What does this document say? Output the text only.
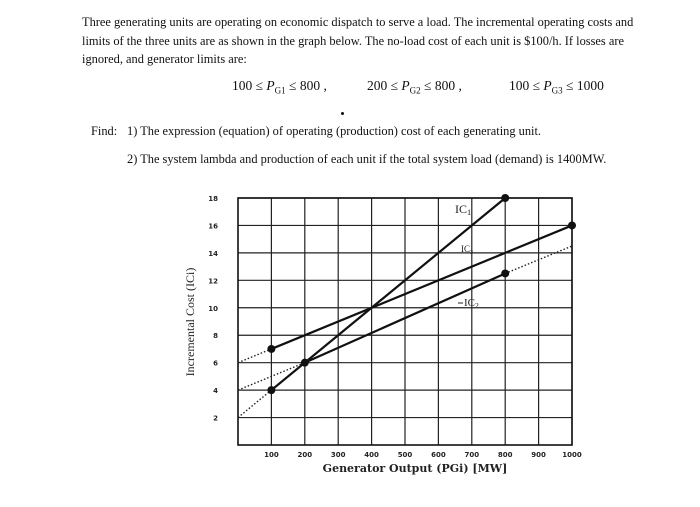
Three generating units are operating on economic dispatch to serve a load. The incremental operating costs and limits of the three units are as shown in the graph below. The no-load cost of each unit is $100/h. If losses are ignored, and generator limits are:
$100 \le P_{G1} \le 800$ ,	$200 \le P_{G2} \le 800$ ,	$100 \le P_{G3} \le 1000$
Find: 1) The expression (equation) of operating (production) cost of each generating unit.
2) The system lambda and production of each unit if the total system load (demand) is 1400MW.
100	200	300	400	500	600	700	800	900 1000
2
4
6
8
10
12
14
16
18
IC1
$IC_3$
IC2
Generator Output (PGi) [MW]
Incremental Cost (ICi)
